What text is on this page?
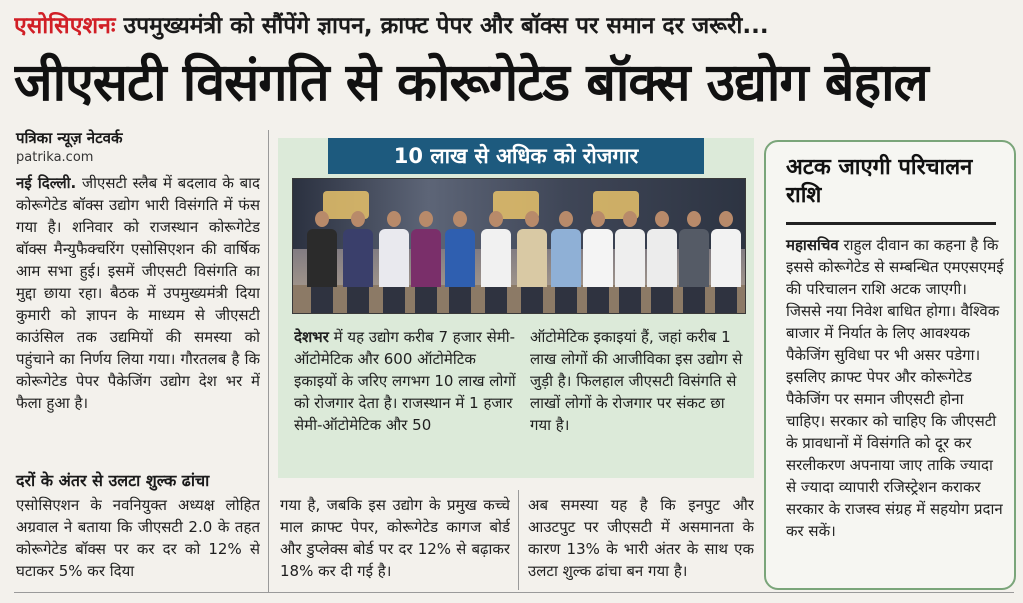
एसोसिएशनः उपमुख्यमंत्री को सौंपेंगे ज्ञापन, क्राफ्ट पेपर और बॉक्स पर समान दर जरूरी...
जीएसटी विसंगति से कोरूगेटेड बॉक्स उद्योग बेहाल
पत्रिका न्यूज़ नेटवर्क
patrika.com
नई दिल्ली. जीएसटी स्लैब में बदलाव के बाद कोरूगेटेड बॉक्स उद्योग भारी विसंगति में फंस गया है। शनिवार को राजस्थान कोरूगेटेड बॉक्स मैन्युफैक्चरिंग एसोसिएशन की वार्षिक आम सभा हुई। इसमें जीएसटी विसंगति का मुद्दा छाया रहा। बैठक में उपमुख्यमंत्री दिया कुमारी को ज्ञापन के माध्यम से जीएसटी काउंसिल तक उद्यमियों की समस्या को पहुंचाने का निर्णय लिया गया। गौरतलब है कि कोरूगेटेड पेपर पैकेजिंग उद्योग देश भर में फैला हुआ है।
दरों के अंतर से उलटा शुल्क ढांचा
एसोसिएशन के नवनियुक्त अध्यक्ष लोहित अग्रवाल ने बताया कि जीएसटी 2.0 के तहत कोरूगेटेड बॉक्स पर कर दर को 12% से घटाकर 5% कर दिया
10 लाख से अधिक को रोजगार
देशभर में यह उद्योग करीब 7 हजार सेमी-ऑटोमेटिक और 600 ऑटोमेटिक इकाइयों के जरिए लगभग 10 लाख लोगों को रोजगार देता है। राजस्थान में 1 हजार सेमी-ऑटोमेटिक और 50
ऑटोमेटिक इकाइयां हैं, जहां करीब 1 लाख लोगों की आजीविका इस उद्योग से जुड़ी है। फिलहाल जीएसटी विसंगति से लाखों लोगों के रोजगार पर संकट छा गया है।
गया है, जबकि इस उद्योग के प्रमुख कच्चे माल क्राफ्ट पेपर, कोरूगेटेड कागज बोर्ड और डुप्लेक्स बोर्ड पर दर 12% से बढ़ाकर 18% कर दी गई है।
अब समस्या यह है कि इनपुट और आउटपुट पर जीएसटी में असमानता के कारण 13% के भारी अंतर के साथ एक उलटा शुल्क ढांचा बन गया है।
अटक जाएगी परिचालन राशि
महासचिव राहुल दीवान का कहना है कि इससे कोरूगेटेड से सम्बन्धित एमएसएमई की परिचालन राशि अटक जाएगी। जिससे नया निवेश बाधित होगा। वैश्विक बाजार में निर्यात के लिए आवश्यक पैकेजिंग सुविधा पर भी असर पडेगा। इसलिए क्राफ्ट पेपर और कोरूगेटेड पैकेजिंग पर समान जीएसटी होना चाहिए। सरकार को चाहिए कि जीएसटी के प्रावधानों में विसंगति को दूर कर सरलीकरण अपनाया जाए ताकि ज्यादा से ज्यादा व्यापारी रजिस्ट्रेशन कराकर सरकार के राजस्व संग्रह में सहयोग प्रदान कर सकें।
